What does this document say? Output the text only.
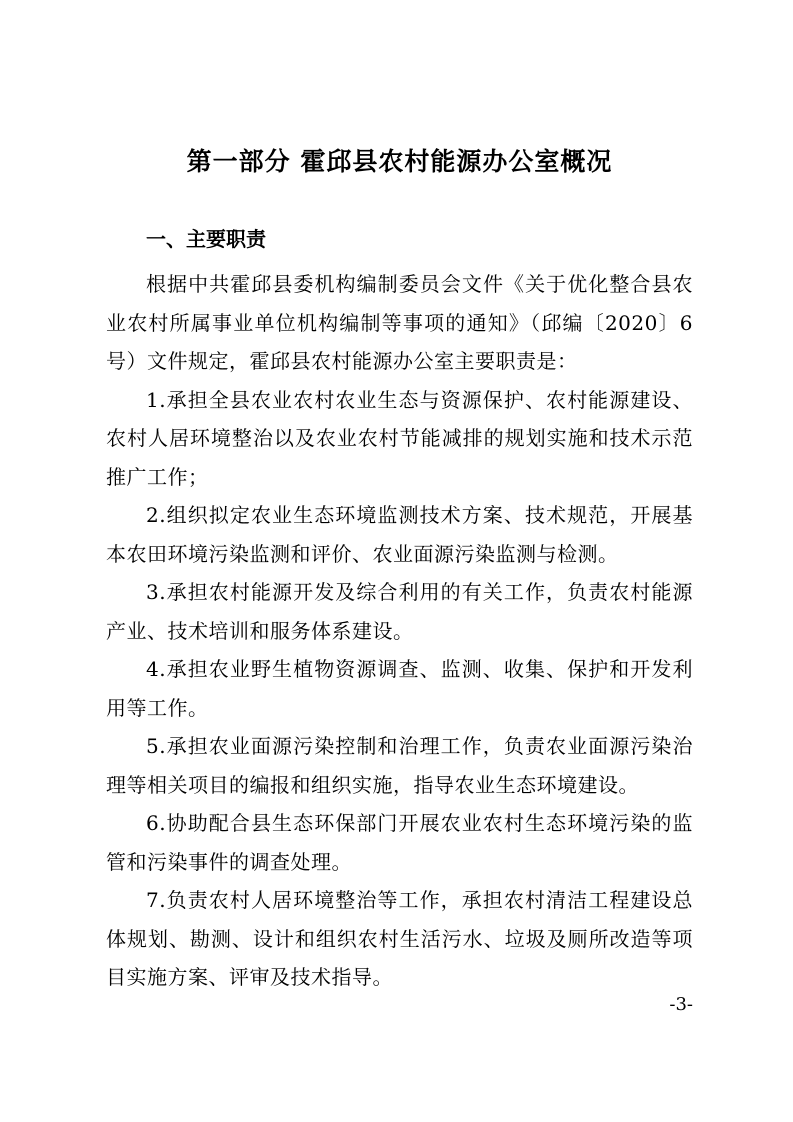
第一部分 霍邱县农村能源办公室概况
一、主要职责

根据中共霍邱县委机构编制委员会文件《关于优化整合县农业农村所属事业单位机构编制等事项的通知》（邱编〔2020〕6号）文件规定，霍邱县农村能源办公室主要职责是：

1.承担全县农业农村农业生态与资源保护、农村能源建设、农村人居环境整治以及农业农村节能减排的规划实施和技术示范推广工作；

2.组织拟定农业生态环境监测技术方案、技术规范，开展基本农田环境污染监测和评价、农业面源污染监测与检测。

3.承担农村能源开发及综合利用的有关工作，负责农村能源产业、技术培训和服务体系建设。

4.承担农业野生植物资源调查、监测、收集、保护和开发利用等工作。

5.承担农业面源污染控制和治理工作，负责农业面源污染治理等相关项目的编报和组织实施，指导农业生态环境建设。

6.协助配合县生态环保部门开展农业农村生态环境污染的监管和污染事件的调查处理。

7.负责农村人居环境整治等工作，承担农村清洁工程建设总体规划、勘测、设计和组织农村生活污水、垃圾及厕所改造等项目实施方案、评审及技术指导。

-3-
